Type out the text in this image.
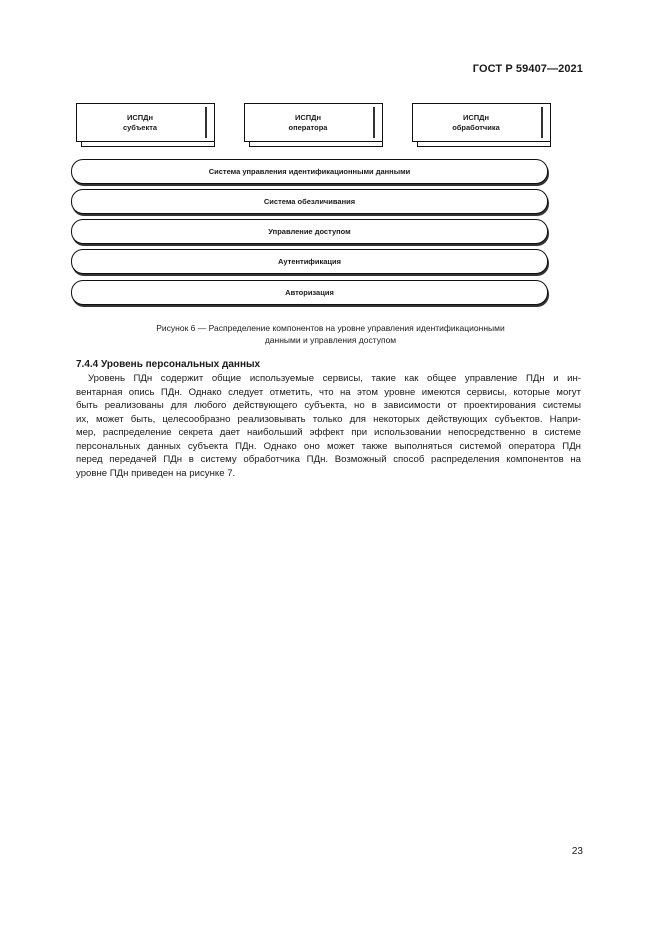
ГОСТ Р 59407—2021
ИСПДн
субъекта
ИСПДн
оператора
ИСПДн
обработчика
Система управления идентификационными данными
Система обезличивания
Управление доступом
Аутентификация
Авторизация
Рисунок 6 — Распределение компонентов на уровне управления идентификационными
данными и управления доступом
7.4.4 Уровень персональных данных
Уровень ПДн содержит общие используемые сервисы, такие как общее управление ПДн и ин-
вентарная опись ПДн. Однако следует отметить, что на этом уровне имеются сервисы, которые могут
быть реализованы для любого действующего субъекта, но в зависимости от проектирования системы
их, может быть, целесообразно реализовывать только для некоторых действующих субъектов. Напри-
мер, распределение секрета дает наибольший эффект при использовании непосредственно в системе
персональных данных субъекта ПДн. Однако оно может также выполняться системой оператора ПДн
перед передачей ПДн в систему обработчика ПДн. Возможный способ распределения компонентов на
уровне ПДн приведен на рисунке 7.
23
